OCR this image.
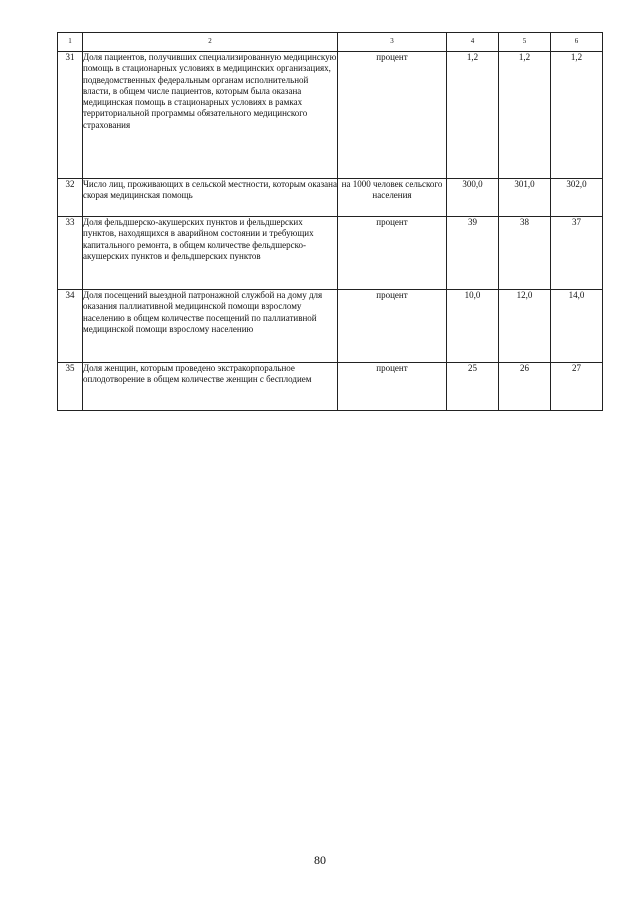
1	2	3	4	5	6
31	Доля пациентов, получивших специализированную медицинскую помощь в стационарных условиях в медицинских организациях, подведомственных федеральным органам исполнительной власти, в общем числе пациентов, которым была оказана медицинская помощь в стационарных условиях в рамках территориальной программы обязательного медицинского страхования	процент	1,2	1,2	1,2
32	Число лиц, проживающих в сельской местности, которым оказана скорая медицинская помощь	на 1000 человек сельского населения	300,0	301,0	302,0
33	Доля фельдшерско-акушерских пунктов и фельдшерских пунктов, находящихся в аварийном состоянии и требующих капитального ремонта, в общем количестве фельдшерско-акушерских пунктов и фельдшерских пунктов	процент	39	38	37
34	Доля посещений выездной патронажной службой на дому для оказания паллиативной медицинской помощи взрослому населению в общем количестве посещений по паллиативной медицинской помощи взрослому населению	процент	10,0	12,0	14,0
35	Доля женщин, которым проведено экстракорпоральное оплодотворение в общем количестве женщин с бесплодием	процент	25	26	27
80
